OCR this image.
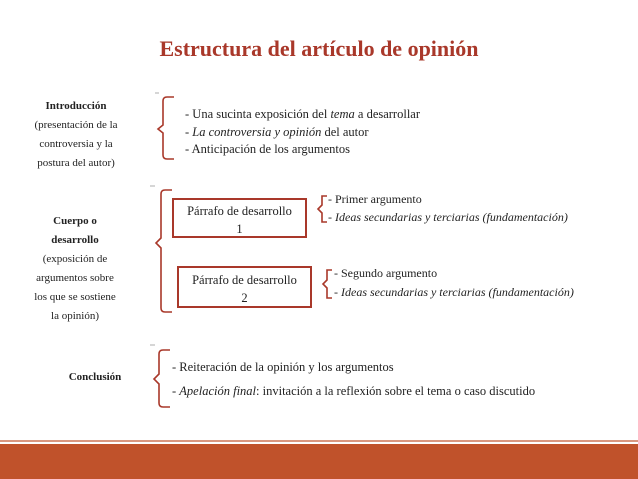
Estructura del artículo de opinión
Introducción
(presentación de la
controversia y la
postura del autor)
- Una sucinta exposición del tema a desarrollar
- La controversia y opinión del autor
- Anticipación de los argumentos
Cuerpo o
desarrollo
(exposición de
argumentos sobre
los que se sostiene
la opinión)
Párrafo de desarrollo
1
- Primer argumento
- Ideas secundarias y terciarias (fundamentación)
Párrafo de desarrollo
2
- Segundo argumento
- Ideas secundarias y terciarias (fundamentación)
Conclusión
- Reiteración de la opinión y los argumentos
- Apelación final: invitación a la reflexión sobre el tema o caso discutido
